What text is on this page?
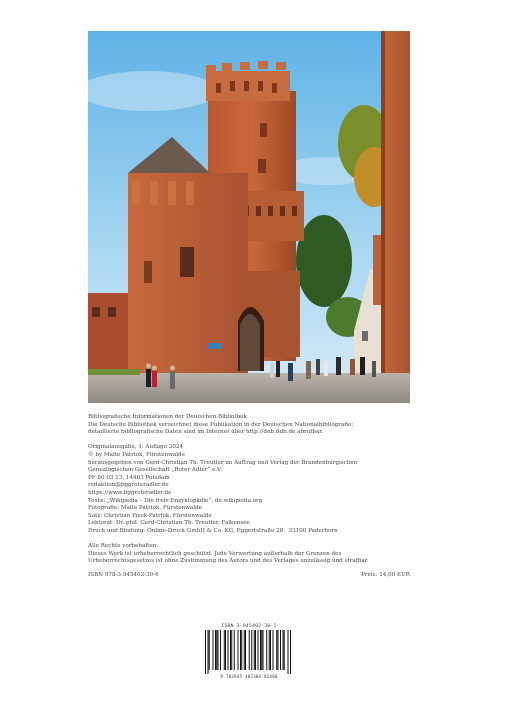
Bibliografische Informationen der Deutschen Bibliothek

Die Deutsche Bibliothek verzeichnet diese Publikation in der Deutschen Nationalbibliografie;

detaillierte bibliografische Daten sind im Internet über http://dnb.ddb.de abrufbar.

Originalausgabe, 1. Auflage 2024

© by Malte Patriok, Fürstenwalde

herausgegeben von Gerd-Christian Th. Treutler im Auftrag und Verlag der Brandenburgischen

Genealogischen Gesellschaft „Roter Adler“ e.V.

PF 60 03 13, 14403 Potsdam

redaktion@bggroteradler.de

https://www.bggroteradler.de

Texte: „Wikipedia – Die freie Enzyklopädie“, de.wikipedia.org

Fotografie: Malte Patriok, Fürstenwalde

Satz: Christian Piesk-Patriok, Fürstenwalde

Lektorat: Dr. phil. Gerd-Christian Th. Treutler, Falkensee

Druck und Bindung: Online-Druck GmbH & Co. KG, Eggertstraße 28 , 33100 Paderborn

Alle Rechte vorbehalten.

Dieses Werk ist urheberrechtlich geschützt. Jede Verwertung außerhalb der Grenzen des

Urheberrechtsgesetzes ist ohne Zustimmung des Autors und des Verlages unzulässig und strafbar.

ISBN 978-3-945402-30-6	Preis: 14,00 EUR
ISBN 3-945402-30-1
9 783945 402306 01400
